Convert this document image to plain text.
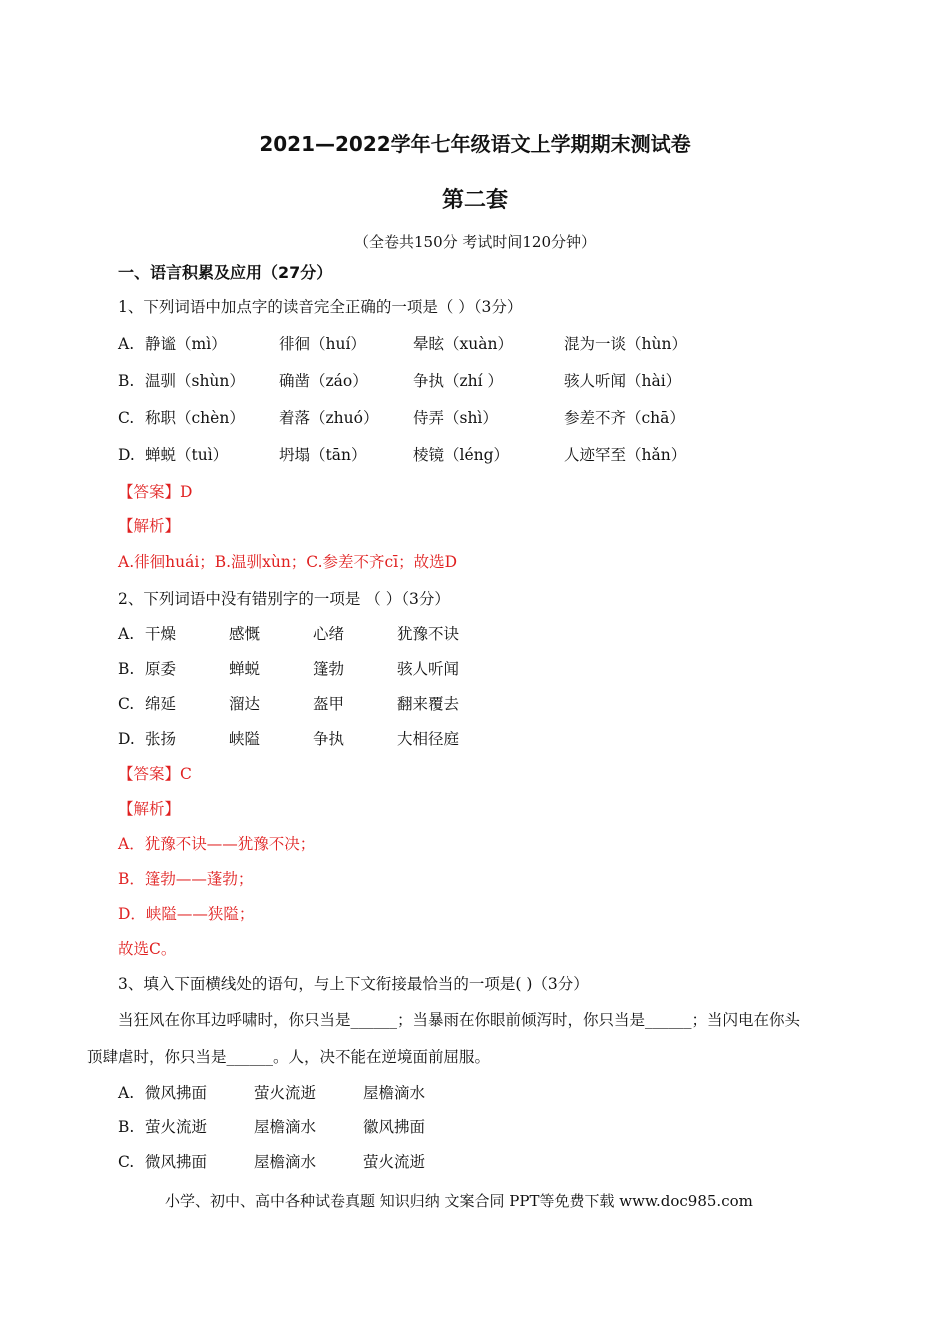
2021—2022学年七年级语文上学期期末测试卷
第二套
（全卷共150分 考试时间120分钟）
一、语言积累及应用（27分）
1、下列词语中加点字的读音完全正确的一项是（ ）（3分）
A. 静谧（mì）	徘徊（huí）	晕眩（xuàn）	混为一谈（hùn）
B. 温驯（shùn） 确凿（záo）	争执（zhí ）	骇人听闻（hài）
C. 称职（chèn） 着落（zhuó） 侍弄（shì）	参差不齐（chā）
D. 蝉蜕（tuì）	坍塌（tān）	棱镜（léng）	人迹罕至（hǎn）
【答案】D
【解析】
A.徘徊huái；B.温驯xùn；C.参差不齐cī；故选D
2、下列词语中没有错别字的一项是 （ ）（3分）
A. 干燥	感慨	心绪	犹豫不诀
B. 原委	蝉蜕	篷勃	骇人听闻
C. 绵延	溜达	盔甲	翻来覆去
D. 张扬	峡隘	争执	大相径庭
【答案】C
【解析】
A．犹豫不诀——犹豫不决；
B．篷勃——蓬勃；
D．峡隘——狭隘；
故选C。
3、填入下面横线处的语句，与上下文衔接最恰当的一项是( )（3分）
当狂风在你耳边呼啸时，你只当是______；当暴雨在你眼前倾泻时，你只当是______；当闪电在你头
顶肆虐时，你只当是______。人，决不能在逆境面前屈服。
A. 微风拂面	萤火流逝	屋檐滴水
B. 萤火流逝	屋檐滴水	徽风拂面
C. 微风拂面	屋檐滴水	萤火流逝
小学、初中、高中各种试卷真题 知识归纳 文案合同 PPT等免费下载 www.doc985.com
